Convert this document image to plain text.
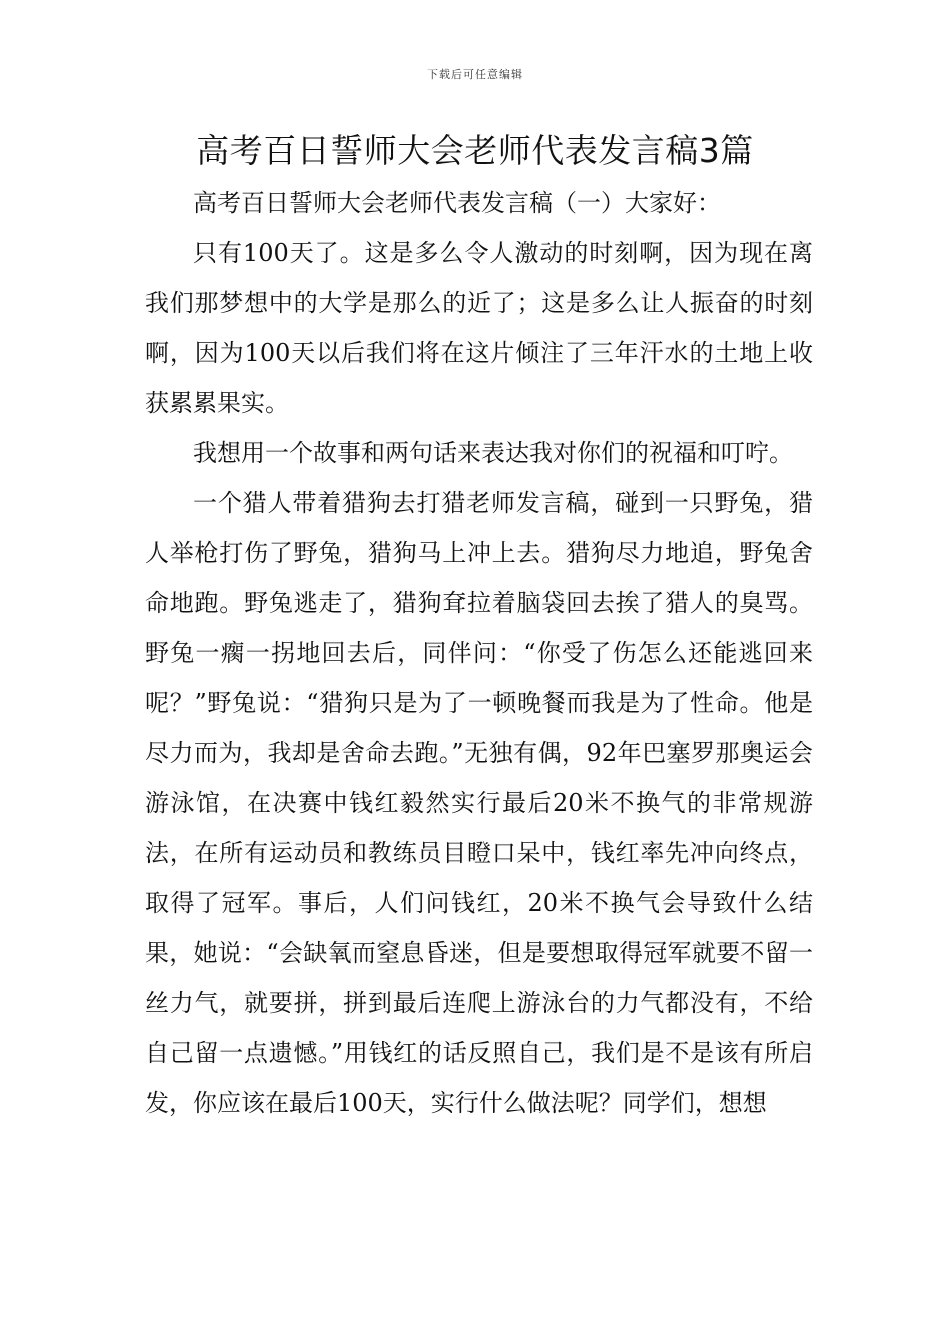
下载后可任意编辑
高考百日誓师大会老师代表发言稿3篇

高考百日誓师大会老师代表发言稿（一）大家好：

只有100天了。这是多么令人激动的时刻啊，因为现在离我们那梦想中的大学是那么的近了；这是多么让人振奋的时刻啊，因为100天以后我们将在这片倾注了三年汗水的土地上收获累累果实。

我想用一个故事和两句话来表达我对你们的祝福和叮咛。

一个猎人带着猎狗去打猎老师发言稿，碰到一只野兔，猎人举枪打伤了野兔，猎狗马上冲上去。猎狗尽力地追，野兔舍命地跑。野兔逃走了，猎狗耷拉着脑袋回去挨了猎人的臭骂。野兔一瘸一拐地回去后，同伴问：“你受了伤怎么还能逃回来呢？”野兔说：“猎狗只是为了一顿晚餐而我是为了性命。他是尽力而为，我却是舍命去跑。”无独有偶，92年巴塞罗那奥运会游泳馆，在决赛中钱红毅然实行最后20米不换气的非常规游法，在所有运动员和教练员目瞪口呆中，钱红率先冲向终点，取得了冠军。事后，人们问钱红，20米不换气会导致什么结果，她说：“会缺氧而窒息昏迷，但是要想取得冠军就要不留一丝力气，就要拼，拼到最后连爬上游泳台的力气都没有，不给自己留一点遗憾。”用钱红的话反照自己，我们是不是该有所启发，你应该在最后100天，实行什么做法呢？同学们，想想
